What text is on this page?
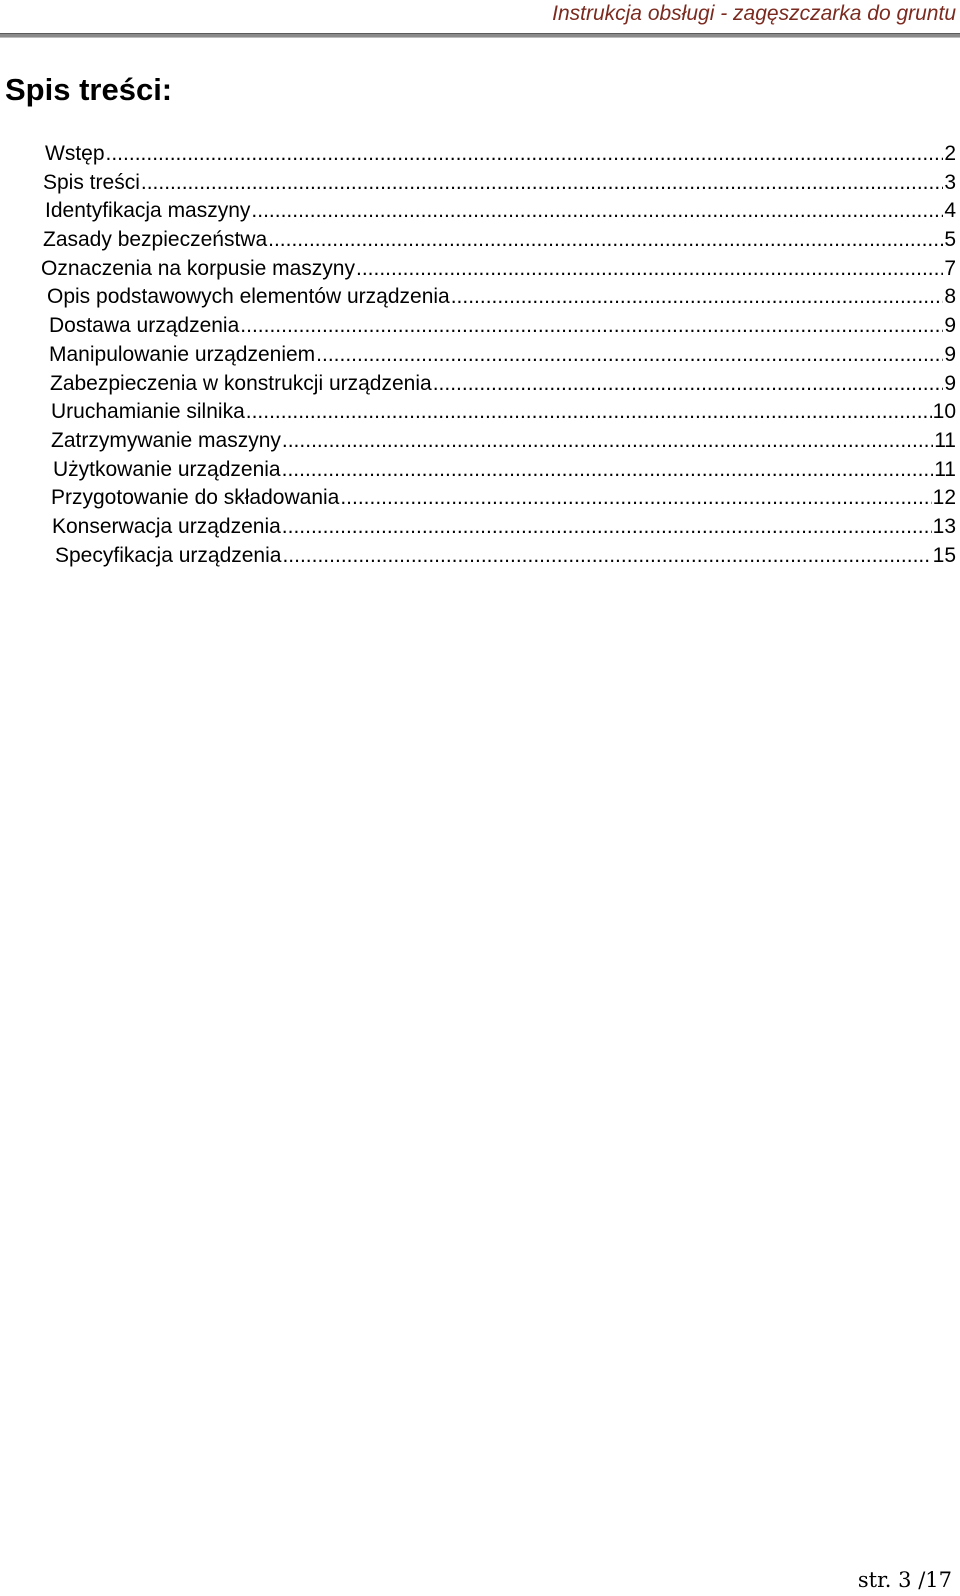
Instrukcja obsługi - zagęszczarka do gruntu
Spis treści:
Wstęp .....	2
Spis treści .....	3
Identyfikacja maszyny .....	4
Zasady bezpieczeństwa .....	5
Oznaczenia na korpusie maszyny .....	7
Opis podstawowych elementów urządzenia .....	8
Dostawa urządzenia .....	9
Manipulowanie urządzeniem .....	9
Zabezpieczenia w konstrukcji urządzenia .....	9
Uruchamianie silnika .....	10
Zatrzymywanie maszyny .....	11
Użytkowanie urządzenia .....	11
Przygotowanie do składowania .....	12
Konserwacja urządzenia .....	13
Specyfikacja urządzenia .....	15
str. 3 /17
